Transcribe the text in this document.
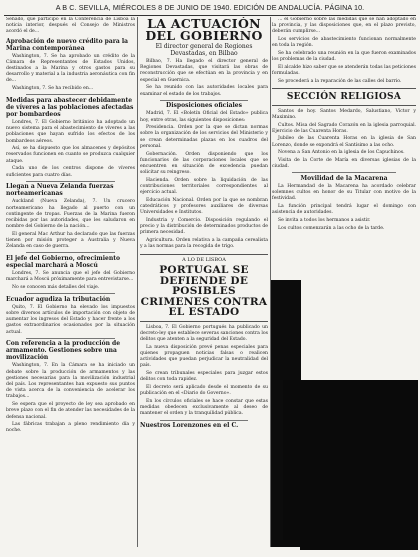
A B C. SEVILLA, MIÉRCOLES 8 DE JUNIO DE 1940. EDICIÓN DE ANDALUCÍA. PÁGINA 10.

Senado, que participó en la Conferencia de Lisboa la noticia interior, después el Consejo de Ministros acordó el de...

Aprobación de nuevo crédito para la Marina contemporánea

Washington, 7. Se ha aprobado un crédito de la Cámara de Representantes de Estados Unidos, destinados a la Marina y otros gastos para su desarrollo y material a la industria aeronáutica con fin de...

Washington, 7. Se ha recibido en...

Medidas para abastecer debidamente de víveres a las poblaciones afectadas por bombardeos

Londres, 7. El Gobierno británico ha adoptado un nuevo sistema para el abastecimiento de víveres a las poblaciones que hayan sufrido los efectos de los bombardeos aéreos.

Así, se ha dispuesto que los almacenes y depósitos reservados funcionen en cuanto se produzca cualquier ataque.

Cada uno de los centros dispone de víveres suficientes para cuatro días.

Llegan a Nueva Zelanda fuerzas norteamericanas

Auckland (Nueva Zelanda), 7. Un crucero norteamericano ha llegado al puerto con un contingente de tropas. Fuerzas de la Marina fueron recibidas por las autoridades, que les saludaron en nombre del Gobierno de la nación...

El general Mac Arthur ha declarado que las fuerzas tienen por misión proteger a Australia y Nueva Zelanda en caso de guerra.

El jefe del Gobierno, ofrecimiento especial marchará a Moscú

Londres, 7. Se anuncia que el jefe del Gobierno marchará a Moscú próximamente para entrevistarse...

No se conocen más detalles del viaje.

Ecuador agudiza la tributación

Quito, 7. El Gobierno ha elevado los impuestos sobre diversos artículos de importación con objeto de aumentar los ingresos del Estado y hacer frente a los gastos extraordinarios ocasionados por la situación actual.

Con referencia a la producción de armamento. Gestiones sobre una movilización

Washington, 7. En la Cámara se ha iniciado un debate sobre la producción de armamentos y las gestiones necesarias para la movilización industrial del país. Los representantes han expuesto sus puntos de vista acerca de la conveniencia de acelerar los trabajos...

Se espera que el proyecto de ley sea aprobado en breve plazo con el fin de atender las necesidades de la defensa nacional.

Las fábricas trabajan a pleno rendimiento día y noche.

LA ACTUACIÓN DEL GOBIERNO
El director general de Regiones Devastadas, en Bilbao

Bilbao, 7. Ha llegado el director general de Regiones Devastadas, que visitará las obras de reconstrucción que se efectúan en la provincia y en especial en Guernica.

Se ha reunido con las autoridades locales para examinar el estado de los trabajos.

Disposiciones oficiales

Madrid, 7. El «Boletín Oficial del Estado» publica hoy, entre otras, las siguientes disposiciones:

Presidencia. Orden por la que se dictan normas sobre la organización de los servicios del Ministerio y se crean determinadas plazas en los cuadros del personal.

Gobernación. Orden disponiendo que los funcionarios de las corporaciones locales que se encuentren en situación de excedencia puedan solicitar su reingreso.

Hacienda. Orden sobre la liquidación de las contribuciones territoriales correspondientes al ejercicio actual.

Educación Nacional. Orden por la que se nombran catedráticos y profesores auxiliares de diversas Universidades e Institutos.

Industria y Comercio. Disposición regulando el precio y la distribución de determinados productos de primera necesidad.

Agricultura. Orden relativa a la campaña cerealista y a las normas para la recogida de trigo.

A LO DE LISBOA
PORTUGAL SE DEFIENDE DE POSIBLES CRIMENES CONTRA EL ESTADO

Lisboa, 7. El Gobierno portugués ha publicado un decreto-ley que establece severas sanciones contra los delitos que atenten a la seguridad del Estado.

La nueva disposición prevé penas especiales para quienes propaguen noticias falsas o realicen actividades que puedan perjudicar la neutralidad del país.

Se crean tribunales especiales para juzgar estos delitos con toda rapidez.

El decreto será aplicado desde el momento de su publicación en el «Diario do Governo».

En los círculos oficiales se hace constar que estas medidas obedecen exclusivamente al deseo de mantener el orden y la tranquilidad pública.

Nuestros Lorenzones en el C.

... el Gobierno sobre las medidas que se han adoptado en la provincia, y las disposiciones que, en el plazo previsto, deberán cumplirse...

Los servicios de abastecimiento funcionan normalmente en toda la región.

Se ha celebrado una reunión en la que fueron examinados los problemas de la ciudad.

El alcalde hizo saber que se atenderán todas las peticiones formuladas.

Se procederá a la reparación de las calles del barrio.

SECCIÓN RELIGIOSA

Santos de hoy. Santos Medardo, Salustiano, Víctor y Maximino.

Cultos. Misa del Sagrado Corazón en la iglesia parroquial. Ejercicio de las Cuarenta Horas.

Jubileo de las Cuarenta Horas en la iglesia de San Lorenzo, donde se expondrá el Santísimo a las ocho.

Novena a San Antonio en la iglesia de los Capuchinos.

Visita de la Corte de María en diversas iglesias de la ciudad.

Movilidad de la Macarena

La Hermandad de la Macarena ha acordado celebrar solemnes cultos en honor de su Titular con motivo de la festividad.

La función principal tendrá lugar el domingo con asistencia de autoridades.

Se invita a todos los hermanos a asistir.

Los cultos comenzarán a las ocho de la tarde.
